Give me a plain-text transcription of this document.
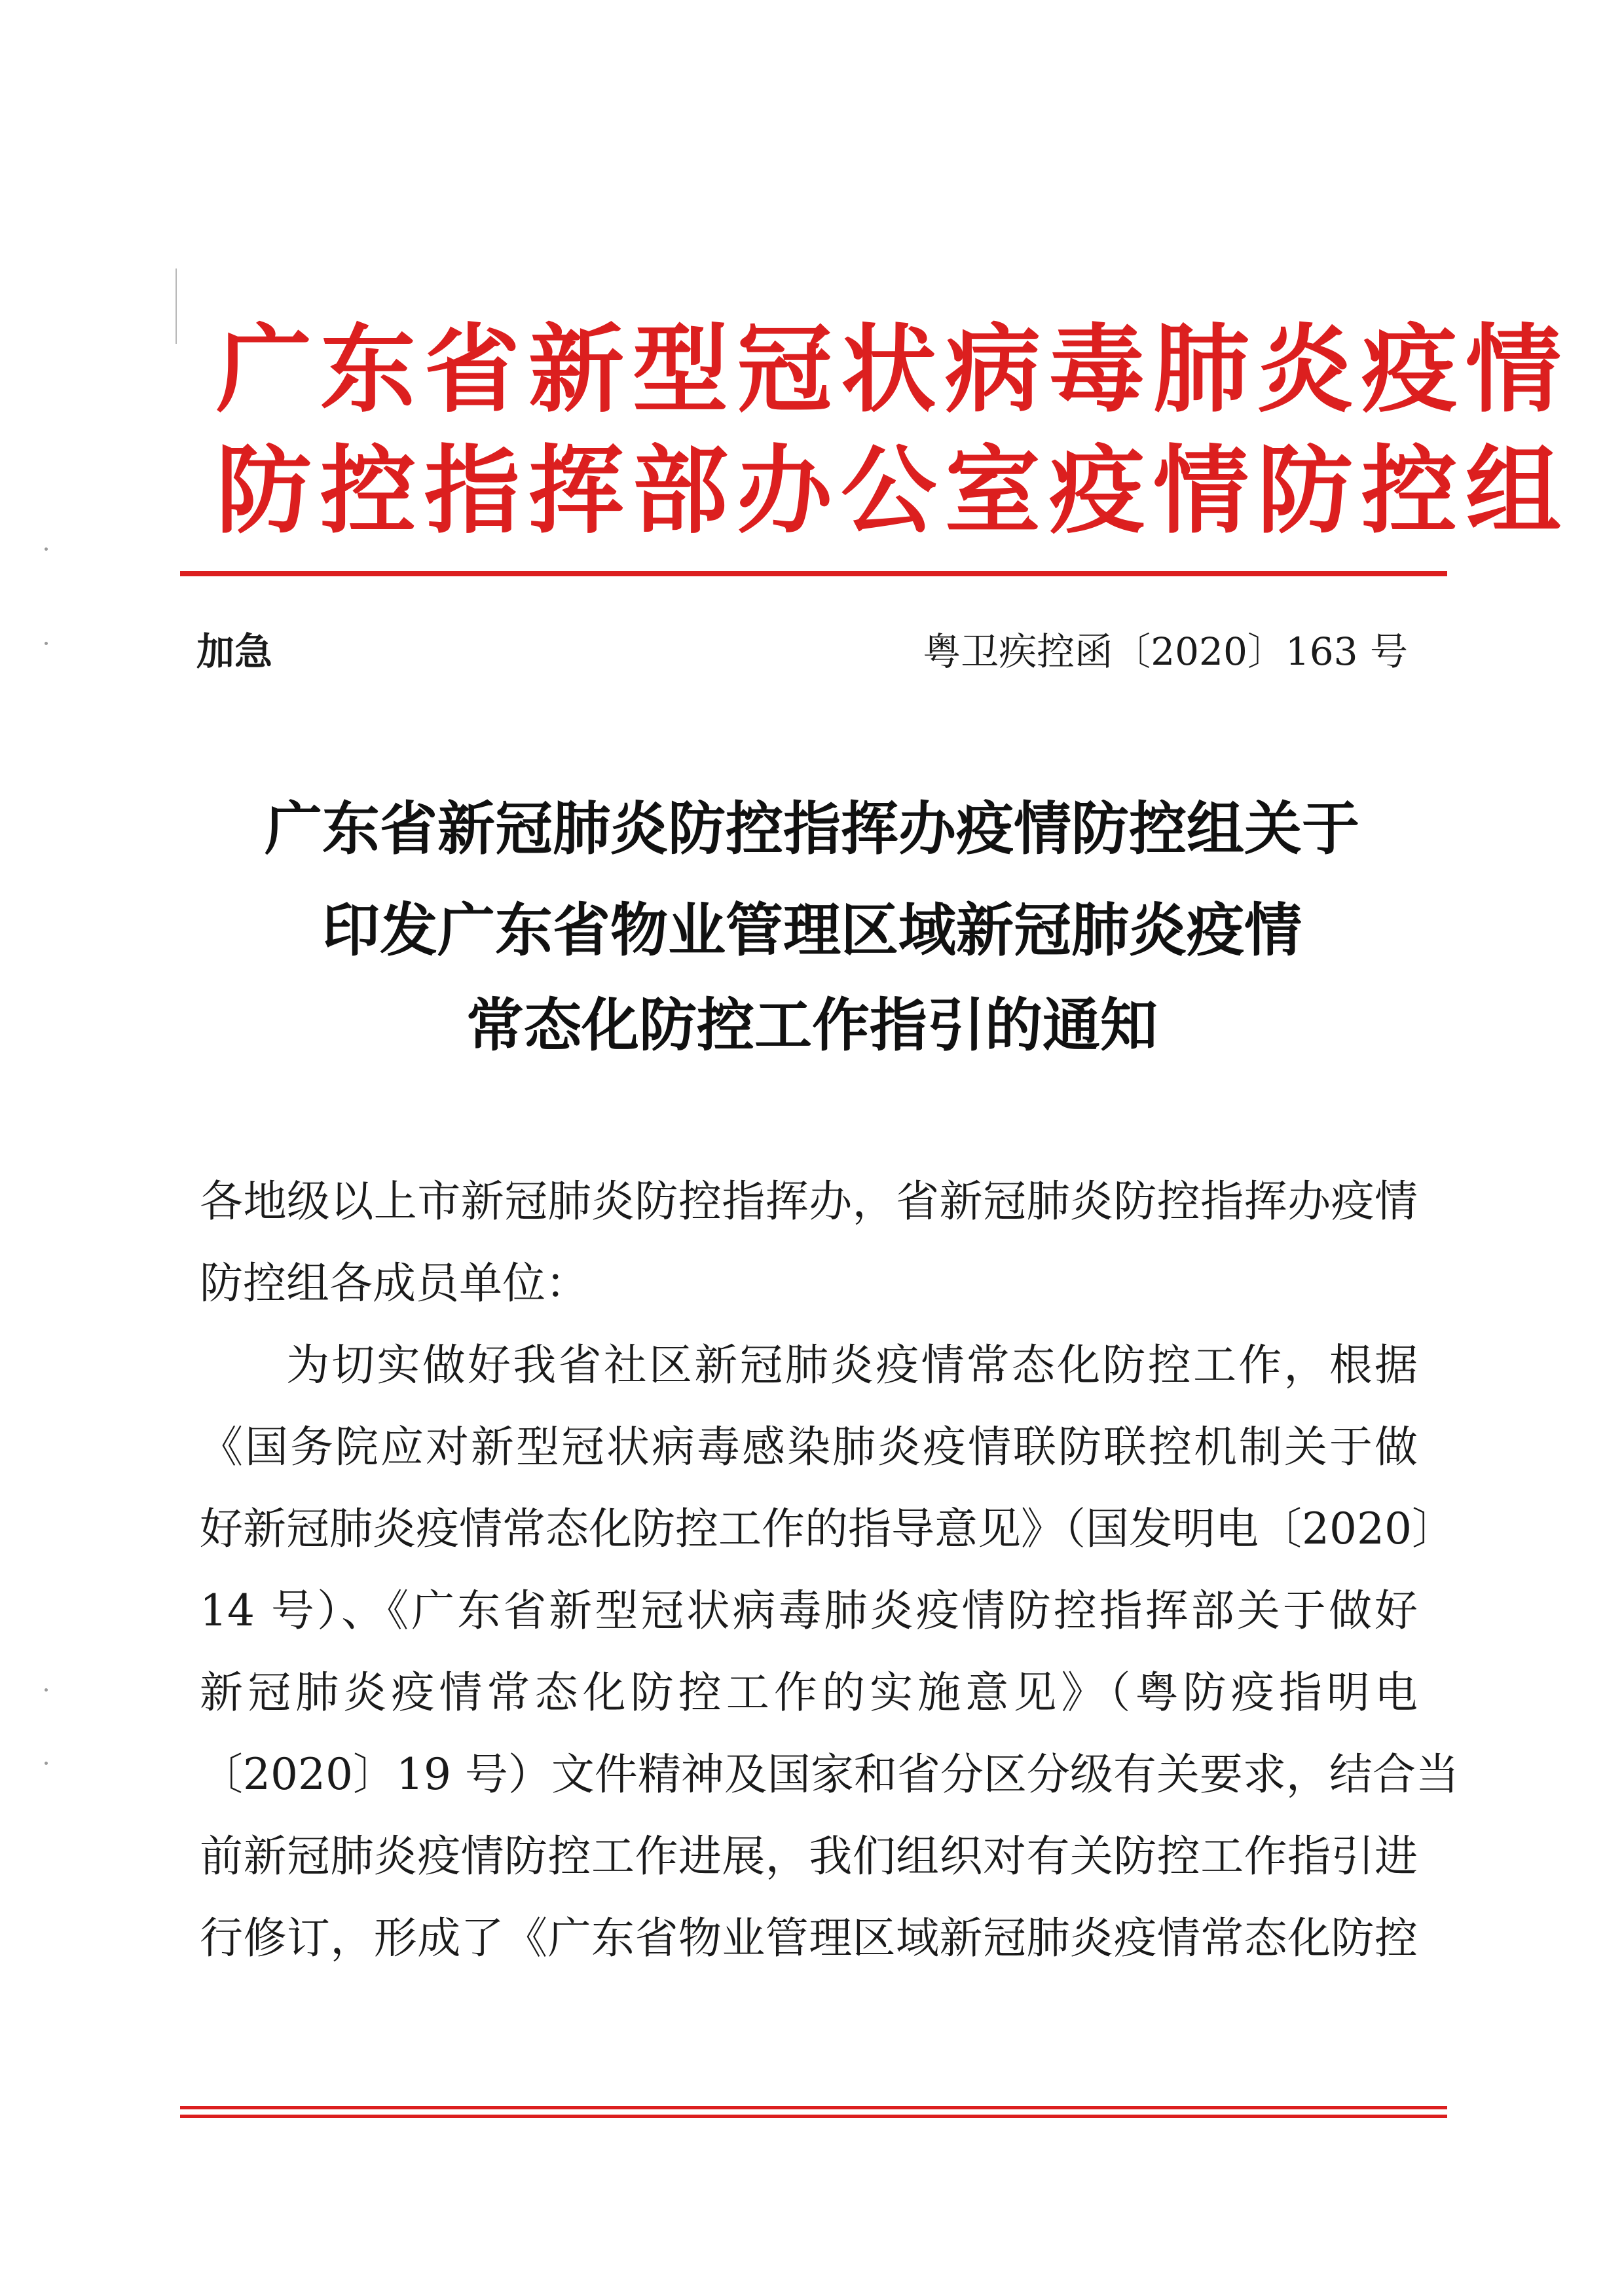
广东省新型冠状病毒肺炎疫情
防控指挥部办公室疫情防控组
加急	粤卫疾控函〔2020〕163 号
广东省新冠肺炎防控指挥办疫情防控组关于
印发广东省物业管理区域新冠肺炎疫情
常态化防控工作指引的通知
各地级以上市新冠肺炎防控指挥办，省新冠肺炎防控指挥办疫情
防控组各成员单位：
为切实做好我省社区新冠肺炎疫情常态化防控工作，根据
《国务院应对新型冠状病毒感染肺炎疫情联防联控机制关于做
好新冠肺炎疫情常态化防控工作的指导意见》（国发明电〔2020〕
14 号）、《广东省新型冠状病毒肺炎疫情防控指挥部关于做好
新冠肺炎疫情常态化防控工作的实施意见》（粤防疫指明电
〔2020〕19 号）文件精神及国家和省分区分级有关要求，结合当
前新冠肺炎疫情防控工作进展，我们组织对有关防控工作指引进
行修订，形成了《广东省物业管理区域新冠肺炎疫情常态化防控
